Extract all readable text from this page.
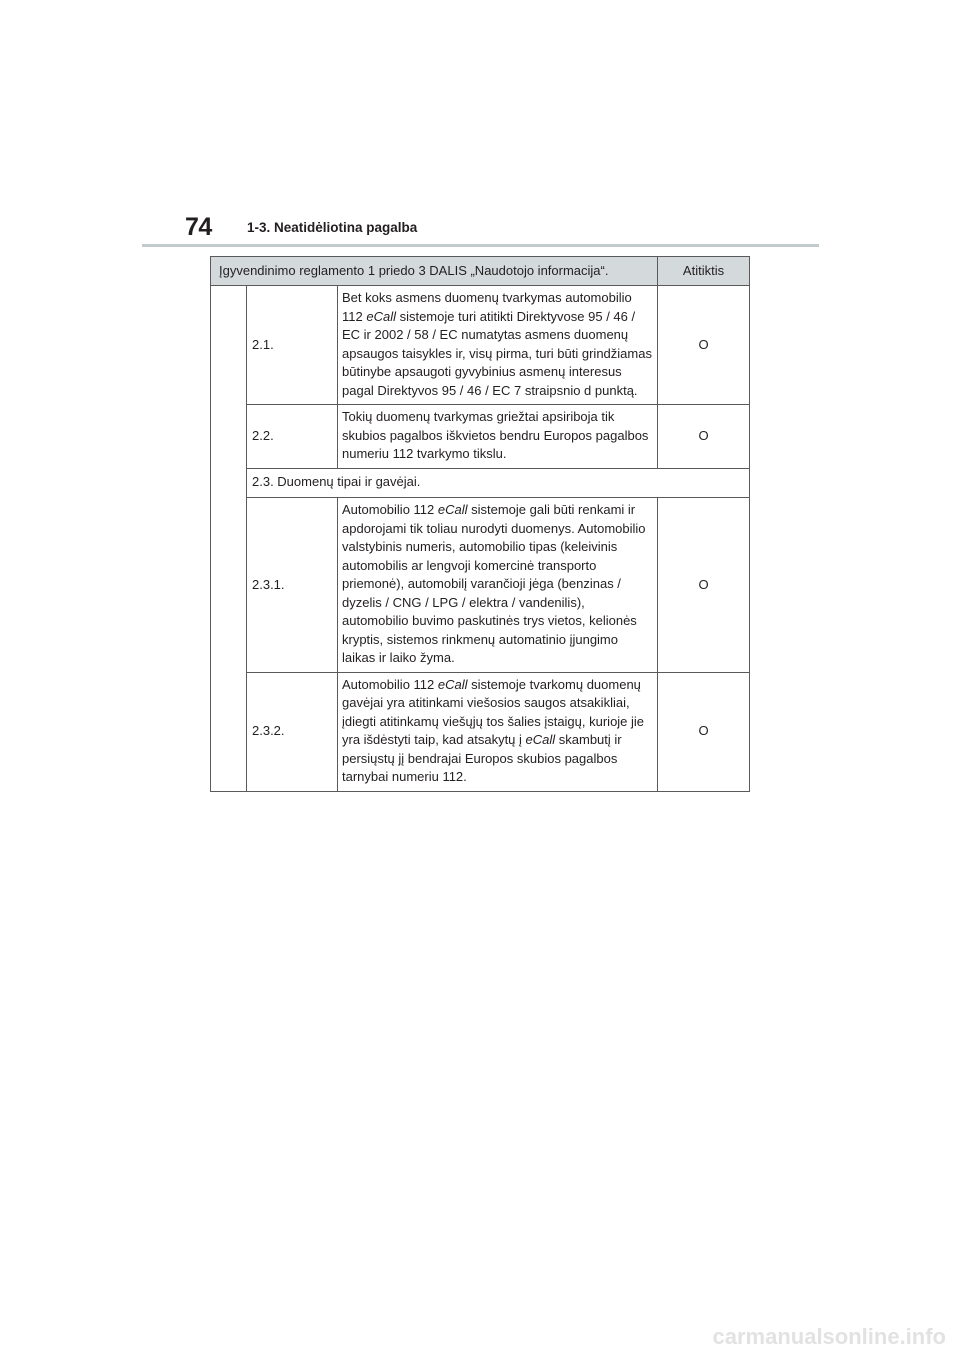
74	1-3. Neatidėliotina pagalba
Įgyvendinimo reglamento 1 priedo 3 DALIS „Naudotojo informacija“.			Atitiktis
	2.1.	Bet koks asmens duomenų tvarkymas automobilio 112 eCall sistemoje turi atitikti Direktyvose 95 / 46 / EC ir 2002 / 58 / EC numatytas asmens duomenų apsaugos taisykles ir, visų pirma, turi būti grindžiamas būtinybe apsaugoti gyvybinius asmenų interesus pagal Direktyvos 95 / 46 / EC 7 straipsnio d punktą.	O
	2.2.	Tokių duomenų tvarkymas griežtai apsiriboja tik skubios pagalbos iškvietos bendru Europos pagalbos numeriu 112 tvarkymo tikslu.	O
	2.3. Duomenų tipai ir gavėjai.		
	2.3.1.	Automobilio 112 eCall sistemoje gali būti renkami ir apdorojami tik toliau nurodyti duomenys. Automobilio valstybinis numeris, automobilio tipas (keleivinis automobilis ar lengvoji komercinė transporto priemonė), automobilį varančioji jėga (benzinas / dyzelis / CNG / LPG / elektra / vandenilis), automobilio buvimo paskutinės trys vietos, kelionės kryptis, sistemos rinkmenų automatinio įjungimo laikas ir laiko žyma.	O
	2.3.2.	Automobilio 112 eCall sistemoje tvarkomų duomenų gavėjai yra atitinkami viešosios saugos atsakikliai, įdiegti atitinkamų viešųjų tos šalies įstaigų, kurioje jie yra išdėstyti taip, kad atsakytų į eCall skambutį ir persiųstų jį bendrajai Europos skubios pagalbos tarnybai numeriu 112.	O
carmanualsonline.info
